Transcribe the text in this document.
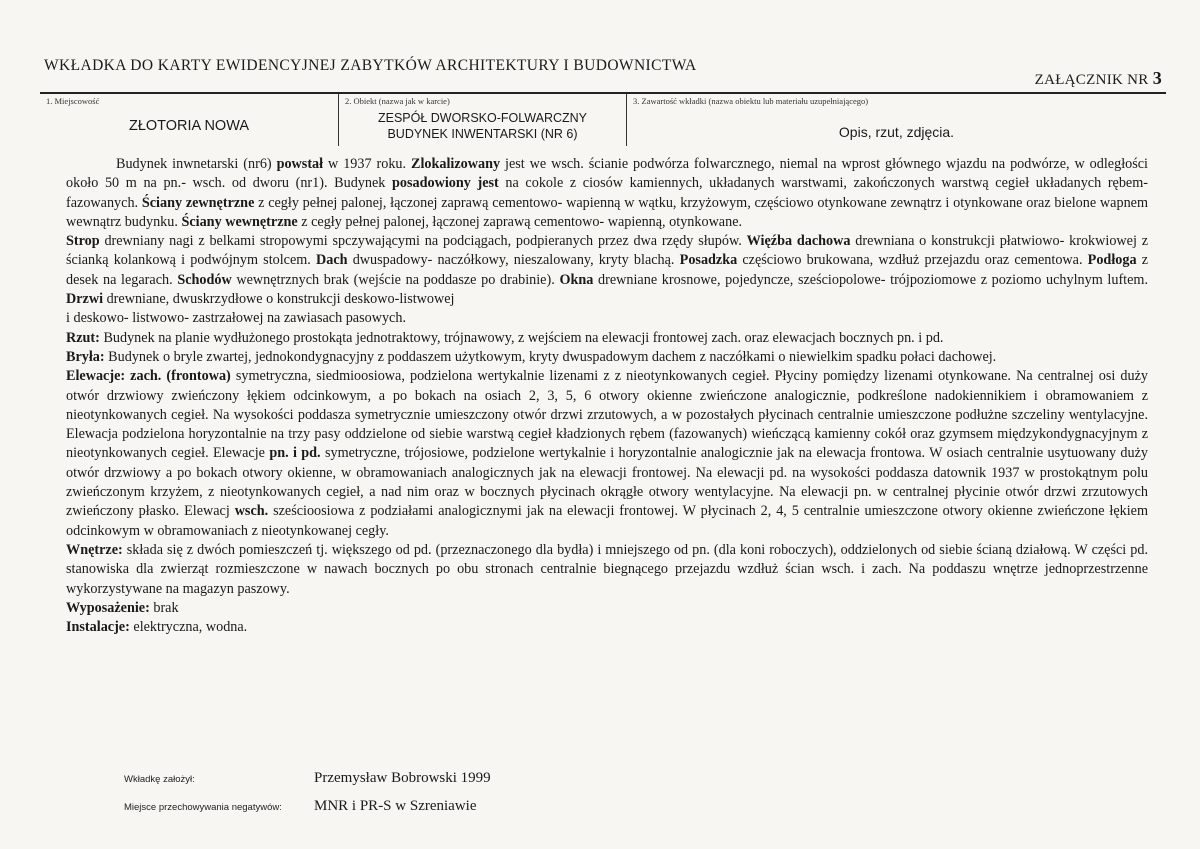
WKŁADKA DO KARTY EWIDENCYJNEJ ZABYTKÓW ARCHITEKTURY I BUDOWNICTWA
ZAŁĄCZNIK NR 3
1. Miejscowość
ZŁOTORIA NOWA
2. Obiekt (nazwa jak w karcie)
ZESPÓŁ DWORSKO-FOLWARCZNY
BUDYNEK INWENTARSKI (NR 6)
3. Zawartość wkładki (nazwa obiektu lub materiału uzupełniającego)
Opis, rzut, zdjęcia.

Budynek inwnetarski (nr6) powstał w 1937 roku. Zlokalizowany jest we wsch. ścianie podwórza folwarcznego, niemal na wprost głównego wjazdu na podwórze, w odległości około 50 m na pn.- wsch. od dworu (nr1). Budynek posadowiony jest na cokole z ciosów kamiennych, układanych warstwami, zakończonych warstwą cegieł układanych rębem- fazowanych. Ściany zewnętrzne z cegły pełnej palonej, łączonej zaprawą cementowo- wapienną w wątku, krzyżowym, częściowo otynkowane zewnątrz i otynkowane oraz bielone wapnem wewnątrz budynku. Ściany wewnętrzne z cegły pełnej palonej, łączonej zaprawą cementowo- wapienną, otynkowane.

Strop drewniany nagi z belkami stropowymi spczywającymi na podciągach, podpieranych przez dwa rzędy słupów. Więźba dachowa drewniana o konstrukcji płatwiowo- krokwiowej z ścianką kolankową i podwójnym stolcem. Dach dwuspadowy- naczółkowy, nieszalowany, kryty blachą. Posadzka częściowo brukowana, wzdłuż przejazdu oraz cementowa. Podłoga z desek na legarach. Schodów wewnętrznych brak (wejście na poddasze po drabinie). Okna drewniane krosnowe, pojedyncze, sześciopolowe- trójpoziomowe z poziomo uchylnym luftem. Drzwi drewniane, dwuskrzydłowe o konstrukcji deskowo-listwowej

i deskowo- listwowo- zastrzałowej na zawiasach pasowych.

Rzut: Budynek na planie wydłużonego prostokąta jednotraktowy, trójnawowy, z wejściem na elewacji frontowej zach. oraz elewacjach bocznych pn. i pd.

Bryła: Budynek o bryle zwartej, jednokondygnacyjny z poddaszem użytkowym, kryty dwuspadowym dachem z naczółkami o niewielkim spadku połaci dachowej.

Elewacje: zach. (frontowa) symetryczna, siedmioosiowa, podzielona wertykalnie lizenami z z nieotynkowanych cegieł. Płyciny pomiędzy lizenami otynkowane. Na centralnej osi duży otwór drzwiowy zwieńczony łękiem odcinkowym, a po bokach na osiach 2, 3, 5, 6 otwory okienne zwieńczone analogicznie, podkreślone nadokiennikiem i obramowaniem z nieotynkowanych cegieł. Na wysokości poddasza symetrycznie umieszczony otwór drzwi zrzutowych, a w pozostałych płycinach centralnie umieszczone podłużne szczeliny wentylacyjne. Elewacja podzielona horyzontalnie na trzy pasy oddzielone od siebie warstwą cegieł kładzionych rębem (fazowanych) wieńczącą kamienny cokół oraz gzymsem międzykondygnacyjnym z nieotynkowanych cegieł. Elewacje pn. i pd. symetryczne, trójosiowe, podzielone wertykalnie i horyzontalnie analogicznie jak na elewacja frontowa. W osiach centralnie usytuowany duży otwór drzwiowy a po bokach otwory okienne, w obramowaniach analogicznych jak na elewacji frontowej. Na elewacji pd. na wysokości poddasza datownik 1937 w prostokątnym polu zwieńczonym krzyżem, z nieotynkowanych cegieł, a nad nim oraz w bocznych płycinach okrągłe otwory wentylacyjne. Na elewacji pn. w centralnej płycinie otwór drzwi zrzutowych zwieńczony płasko. Elewacj wsch. sześcioosiowa z podziałami analogicznymi jak na elewacji frontowej. W płycinach 2, 4, 5 centralnie umieszczone otwory okienne zwieńczone łękiem odcinkowym w obramowaniach z nieotynkowanej cegły.

Wnętrze: składa się z dwóch pomieszczeń tj. większego od pd. (przeznaczonego dla bydła) i mniejszego od pn. (dla koni roboczych), oddzielonych od siebie ścianą działową. W części pd. stanowiska dla zwierząt rozmieszczone w nawach bocznych po obu stronach centralnie biegnącego przejazdu wzdłuż ścian wsch. i zach. Na poddaszu wnętrze jednoprzestrzenne wykorzystywane na magazyn paszowy.

Wyposażenie: brak

Instalacje: elektryczna, wodna.

Wkładkę założył:	Przemysław Bobrowski 1999
Miejsce przechowywania negatywów:	MNR i PR-S w Szreniawie
